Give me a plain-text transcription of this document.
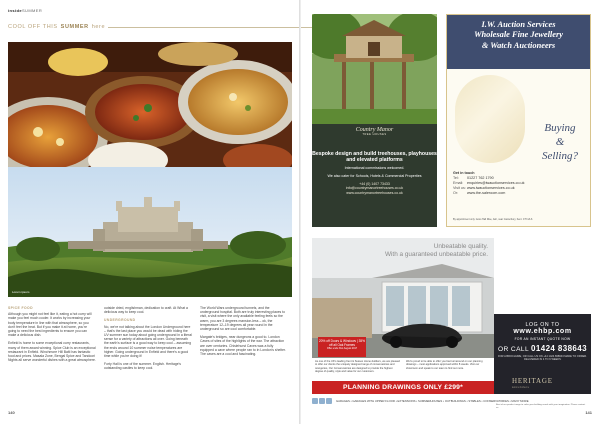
insideSUMMER
COOL OFF THIS SUMMER here
Lorem ipsum

SPICE FOOD

Although you might not feel like it, eating a hot curry will make you feel much cooler. It works by increasing your body temperature in line with that atmosphere, so you don't feel the heat. But if you make it at home, you're going to need the best ingredients to ensure you can make a delicious dish.

Enfield is home to some exceptional curry restaurants, many of them award winning. Spice Club is an exceptional restaurant in Enfield. Winchmore Hill Balti has fantastic food and prices. Masala Zone, Bengal Spice and Tandoori Nights all serve wonderful dishes with a great atmosphere.

outside dried, englishman, dedication to craft. At What a delicious way to keep cool.

UNDERGROUND

No, we're not talking about the London Underground here – that's the last place you would be dead with hiding the UV summer sun today about going underground in a literal sense for a variety of attractions all over. Going beneath the earth's surface is a good way to keep cool – assuming the ends around 10 summer noise temperatures are higher. Going underground in Enfield and there's a good time while you're doing it!

Forty Hall is one of the summer. English. Heritage's outstanding castles to keep cool.

The World Wars underground tunnels, and the underground hospital. Both are truly interesting places to visit, a visit where the only available feeling feels so the warm, you are 3 degrees mansion-less – ok, the temperature 12–19 degrees all year round in the underground so are cool comfortable.

Margate's bridges, near dungeons a good to. London Caves of sites of the highlights of the war. The attraction are over centuries. Chislehurst Caves was a fully equipped a cave where people ran to in London's shelter. The caves are a cool and fascinating.

140
Country Manor
TREE HOUSES
Bespoke design and build treehouses, playhouses and elevated platforms
International commissions welcomed.
We also cater for Schools, Hotels & Commercial Properties
+44 (0) 1407 73433
info@countrymanortreehouses.co.uk
www.countrymanortreehouses.co.uk
I.W. Auction Services
Wholesale Fine Jewellery
& Watch Auctioneers
Buying
&
Selling?
Get in touch
Tel: 01227 762 1790
Email: enquiries@iwauctionservices.co.uk
Visit us:www.iwauctionservices.co.uk
Or: www.the-saleroom.com
By appointment only. Goss Hall Rise, Ash, near Canterbury, Kent. CT3 2LS
Unbeatable quality.
With a guaranteed unbeatable price.
20% off Doors & Windows | 35% off all Oak Frames
Offer ends 31st August 2017
As one of the UK's leading Kent & Sussex Home-builders, we are pleased to offer our clients the uniquely designed range of conservatories and orangeries, Our Conservatories are designed to provide the highest degree of quality, style and value for our customers.
We're proud to be able to offer you fast turnaround on our planning drawings – most applications approved within 8 weeks. Visit our showroom and speak to our team to find out more.
PLANNING DRAWINGS ONLY £299*
LOG ON TO www.ehbp.com
FOR AN INSTANT QUOTE NOW
OR CALL 01424 838643
FOR A BROCHURE, OR CALL US ON +44 1424 838643 MADE TO ORDER. DELIVERED IN 4 TO 6 WEEKS
HERITAGE
BUILDINGS
GARAGES • GARAGES WITH UPPER FLOOR • EXTENSIONS • SUMMERHOUSES • OUTBUILDINGS • STABLES • CONSERVATORIES • MANY MORE
Best of our product range to solve your building needs with your imagination. Please contact us.
141
